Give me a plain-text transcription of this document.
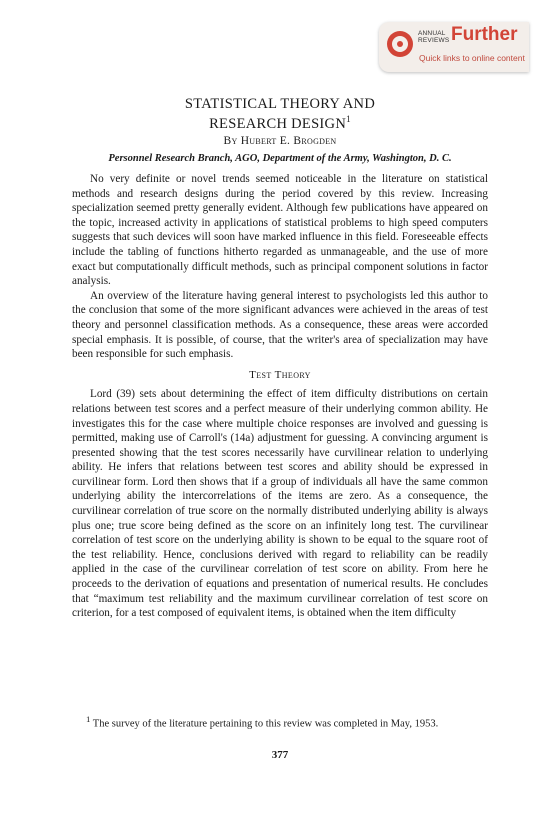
ANNUAL
REVIEWS Further
Quick links to online content
STATISTICAL THEORY AND
RESEARCH DESIGN$^1$
By Hubert E. Brogden
Personnel Research Branch, AGO, Department of the Army, Washington, D. C.

No very definite or novel trends seemed noticeable in the literature on statistical methods and research designs during the period covered by this review. Increasing specialization seemed pretty generally evident. Although few publications have appeared on the topic, increased activity in applications of statistical problems to high speed computers suggests that such devices will soon have marked influence in this field. Foreseeable effects include the tabling of functions hitherto regarded as unmanageable, and the use of more exact but computationally difficult methods, such as principal component solutions in factor analysis.

An overview of the literature having general interest to psychologists led this author to the conclusion that some of the more significant advances were achieved in the areas of test theory and personnel classification methods. As a consequence, these areas were accorded special emphasis. It is possible, of course, that the writer's area of specialization may have been responsible for such emphasis.

Test Theory

Lord (39) sets about determining the effect of item difficulty distributions on certain relations between test scores and a perfect measure of their underlying common ability. He investigates this for the case where multiple choice responses are involved and guessing is permitted, making use of Carroll's (14a) adjustment for guessing. A convincing argument is presented showing that the test scores necessarily have curvilinear relation to underlying ability. He infers that relations between test scores and ability should be expressed in curvilinear form. Lord then shows that if a group of individuals all have the same common underlying ability the intercorrelations of the items are zero. As a consequence, the curvilinear correlation of true score on the normally distributed underlying ability is always plus one; true score being defined as the score on an infinitely long test. The curvilinear correlation of test score on the underlying ability is shown to be equal to the square root of the test reliability. Hence, conclusions derived with regard to reliability can be readily applied in the case of the curvilinear correlation of test score on ability. From here he proceeds to the derivation of equations and presentation of numerical results. He concludes that “maximum test reliability and the maximum curvilinear correlation of test score on criterion, for a test composed of equivalent items, is obtained when the item difficulty

$^1$ The survey of the literature pertaining to this review was completed in May, 1953.

377
